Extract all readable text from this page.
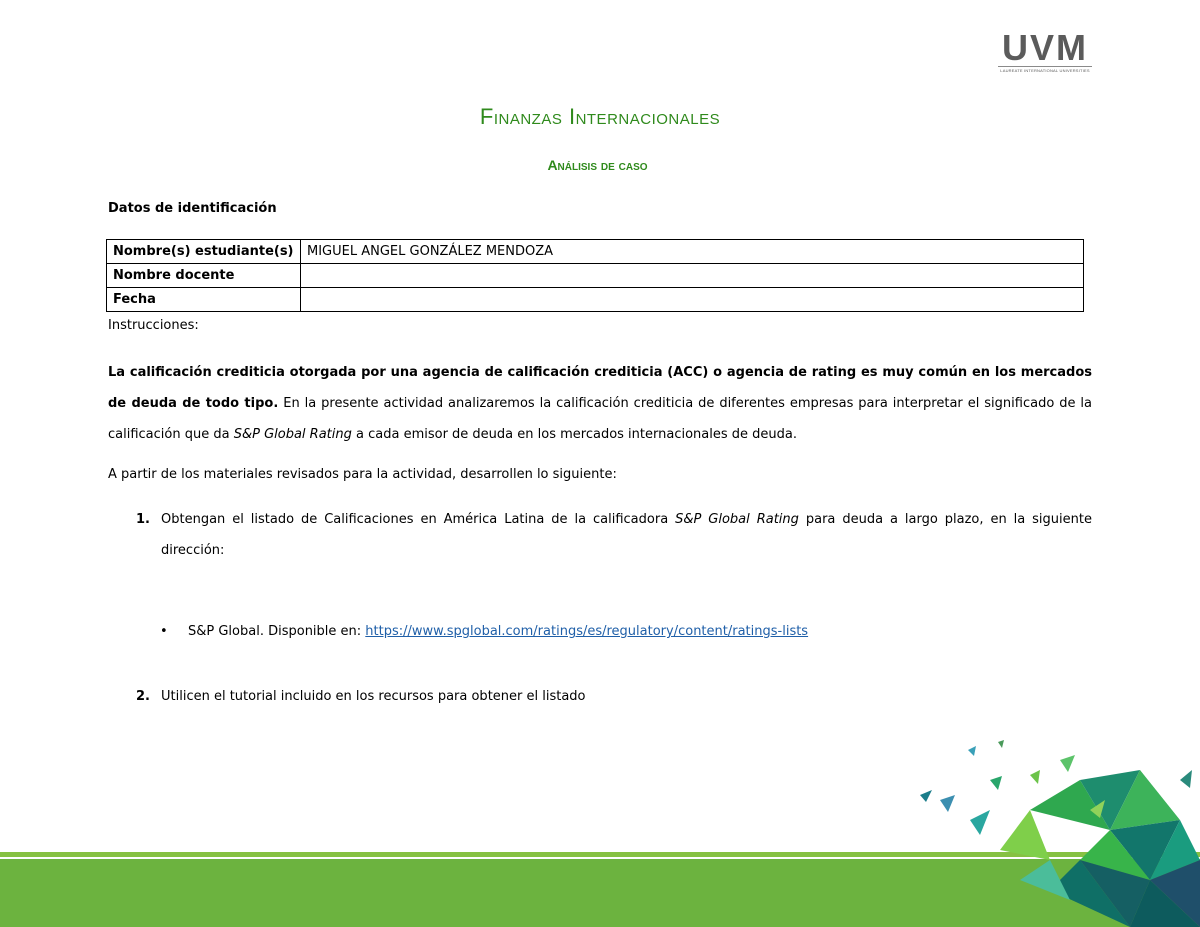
UVM
LAUREATE INTERNATIONAL UNIVERSITIES
Finanzas Internacionales
Análisis de caso
Datos de identificación
Nombre(s) estudiante(s)	MIGUEL ANGEL GONZÁLEZ MENDOZA
Nombre docente	
Fecha	
Instrucciones:
La calificación crediticia otorgada por una agencia de calificación crediticia (ACC) o agencia de rating es muy común en los mercados de deuda de todo tipo. En la presente actividad analizaremos la calificación crediticia de diferentes empresas para interpretar el significado de la calificación que da S&P Global Rating a cada emisor de deuda en los mercados internacionales de deuda.
A partir de los materiales revisados para la actividad, desarrollen lo siguiente:
1. Obtengan el listado de Calificaciones en América Latina de la calificadora S&P Global Rating para deuda a largo plazo, en la siguiente dirección:
• S&P Global. Disponible en: https://www.spglobal.com/ratings/es/regulatory/content/ratings-lists
2. Utilicen el tutorial incluido en los recursos para obtener el listado
